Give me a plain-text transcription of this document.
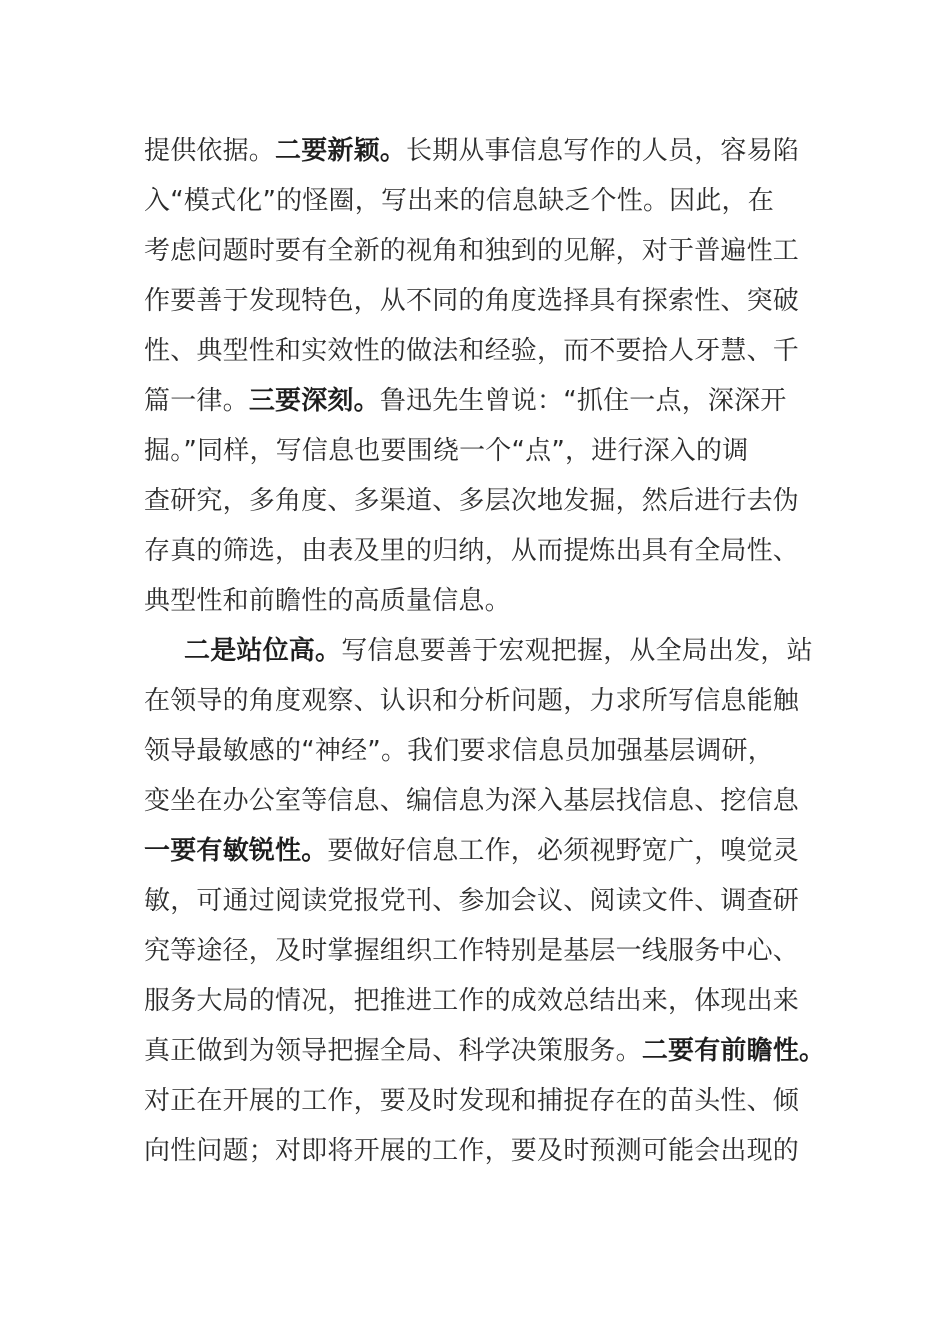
提供依据。二要新颖。长期从事信息写作的人员，容易陷
入“模式化”的怪圈，写出来的信息缺乏个性。因此，在
考虑问题时要有全新的视角和独到的见解，对于普遍性工
作要善于发现特色，从不同的角度选择具有探索性、突破
性、典型性和实效性的做法和经验，而不要拾人牙慧、千
篇一律。三要深刻。鲁迅先生曾说：“抓住一点，深深开
掘。”同样，写信息也要围绕一个“点”，进行深入的调
查研究，多角度、多渠道、多层次地发掘，然后进行去伪
存真的筛选，由表及里的归纳，从而提炼出具有全局性、
典型性和前瞻性的高质量信息。
二是站位高。写信息要善于宏观把握，从全局出发，站
在领导的角度观察、认识和分析问题，力求所写信息能触
领导最敏感的“神经”。我们要求信息员加强基层调研，
变坐在办公室等信息、编信息为深入基层找信息、挖信息
一要有敏锐性。要做好信息工作，必须视野宽广，嗅觉灵
敏，可通过阅读党报党刊、参加会议、阅读文件、调查研
究等途径，及时掌握组织工作特别是基层一线服务中心、
服务大局的情况，把推进工作的成效总结出来，体现出来
真正做到为领导把握全局、科学决策服务。二要有前瞻性。
对正在开展的工作，要及时发现和捕捉存在的苗头性、倾
向性问题；对即将开展的工作，要及时预测可能会出现的
